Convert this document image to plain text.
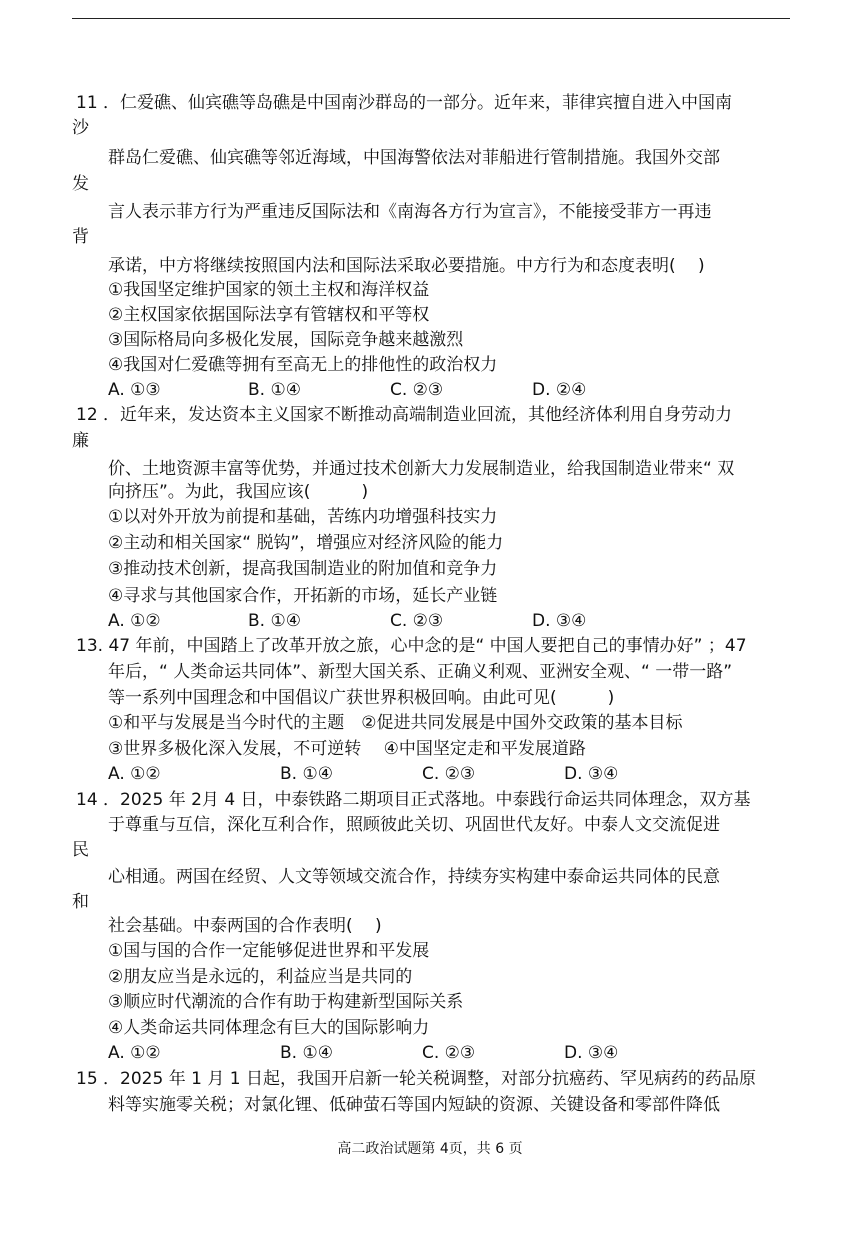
11 ．仁爱礁、仙宾礁等岛礁是中国南沙群岛的一部分。近年来，菲律宾擅自进入中国南
沙
群岛仁爱礁、仙宾礁等邻近海域，中国海警依法对菲船进行管制措施。我国外交部
发
言人表示菲方行为严重违反国际法和《南海各方行为宣言》，不能接受菲方一再违
背
承诺，中方将继续按照国内法和国际法采取必要措施。中方行为和态度表明(　 )
①我国坚定维护国家的领土主权和海洋权益
②主权国家依据国际法享有管辖权和平等权
③国际格局向多极化发展，国际竞争越来越激烈
④我国对仁爱礁等拥有至高无上的排他性的政治权力
A. ①③	B. ①④	C. ②③	D. ②④
12 ．近年来，发达资本主义国家不断推动高端制造业回流，其他经济体利用自身劳动力
廉
价、土地资源丰富等优势，并通过技术创新大力发展制造业，给我国制造业带来“ 双
向挤压”。为此，我国应该(　　　)
①以对外开放为前提和基础，苦练内功增强科技实力
②主动和相关国家“ 脱钩”，增强应对经济风险的能力
③推动技术创新，提高我国制造业的附加值和竞争力
④寻求与其他国家合作，开拓新的市场，延长产业链
A. ①②	B. ①④	C. ②③	D. ③④
13. 47 年前，中国踏上了改革开放之旅，心中念的是“ 中国人要把自己的事情办好” ；47
年后，“ 人类命运共同体”、新型大国关系、正确义利观、亚洲安全观、“ 一带一路”
等一系列中国理念和中国倡议广获世界积极回响。由此可见(　　　)
①和平与发展是当今时代的主题　②促进共同发展是中国外交政策的基本目标
③世界多极化深入发展，不可逆转　 ④中国坚定走和平发展道路
A. ①②	B. ①④	C. ②③	D. ③④
14 ．2025 年 2月 4 日，中泰铁路二期项目正式落地。中泰践行命运共同体理念，双方基
于尊重与互信，深化互利合作，照顾彼此关切、巩固世代友好。中泰人文交流促进
民
心相通。两国在经贸、人文等领域交流合作，持续夯实构建中泰命运共同体的民意
和
社会基础。中泰两国的合作表明(　 )
①国与国的合作一定能够促进世界和平发展
②朋友应当是永远的，利益应当是共同的
③顺应时代潮流的合作有助于构建新型国际关系
④人类命运共同体理念有巨大的国际影响力
A. ①②	B. ①④	C. ②③	D. ③④
15 ．2025 年 1 月 1 日起，我国开启新一轮关税调整，对部分抗癌药、罕见病药的药品原
料等实施零关税；对氯化锂、低砷萤石等国内短缺的资源、关键设备和零部件降低
高二政治试题第 4页，共 6 页
